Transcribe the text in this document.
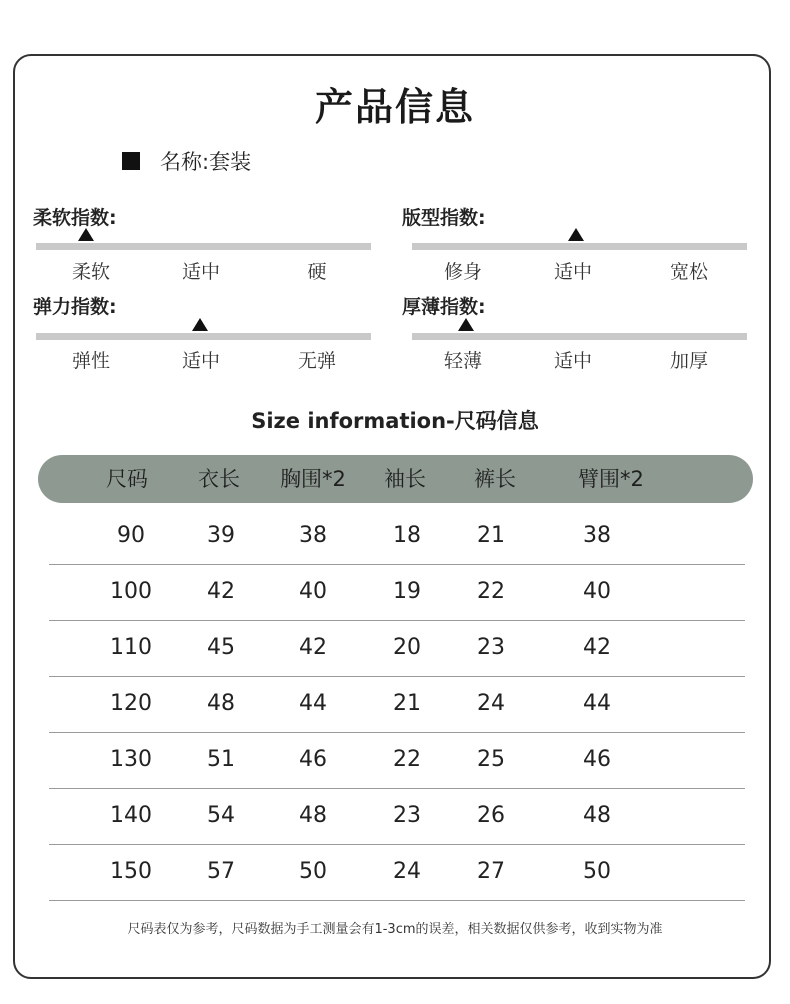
产品信息
名称:套装
柔软指数:
柔软	适中	硬
版型指数:
修身	适中	宽松
弹力指数:
弹性	适中	无弹
厚薄指数:
轻薄	适中	加厚
Size information-尺码信息
尺码	衣长	胸围*2	袖长	裤长	臂围*2
90	39	38	18	21	38
100	42	40	19	22	40
110	45	42	20	23	42
120	48	44	21	24	44
130	51	46	22	25	46
140	54	48	23	26	48
150	57	50	24	27	50
尺码表仅为参考，尺码数据为手工测量会有1-3cm的误差，相关数据仅供参考，收到实物为准
